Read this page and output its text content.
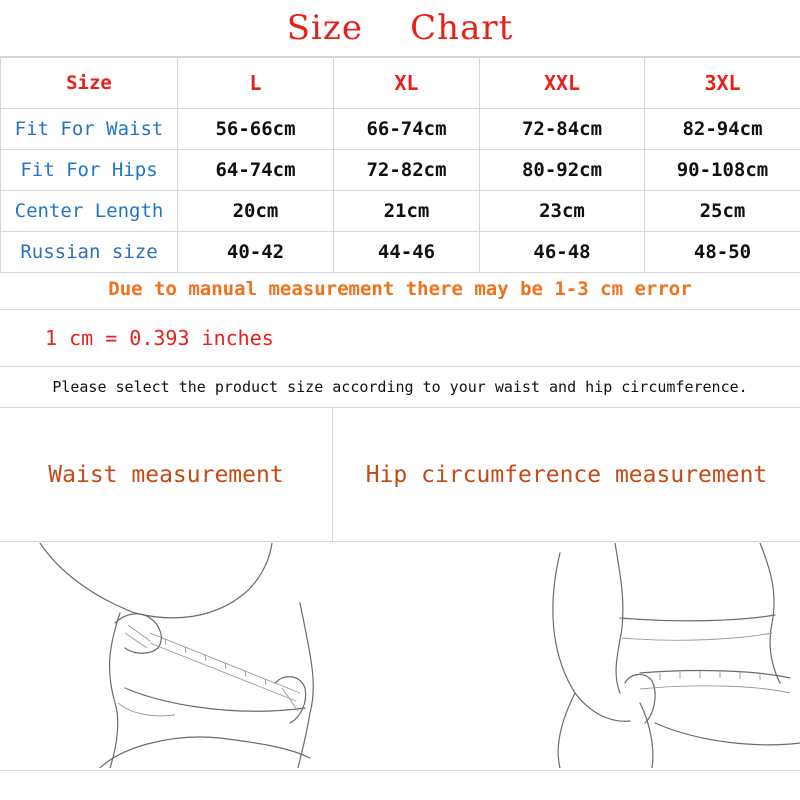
Size    Chart
Size	L	XL	XXL	3XL
Fit For Waist	56-66cm	66-74cm	72-84cm	82-94cm
Fit For Hips	64-74cm	72-82cm	80-92cm	90-108cm
Center Length	20cm	21cm	23cm	25cm
Russian size	40-42	44-46	46-48	48-50
Due to manual measurement there may be 1-3 cm error
1 cm = 0.393 inches
Please select the product size according to your waist and hip circumference.
Waist measurement	Hip circumference measurement
